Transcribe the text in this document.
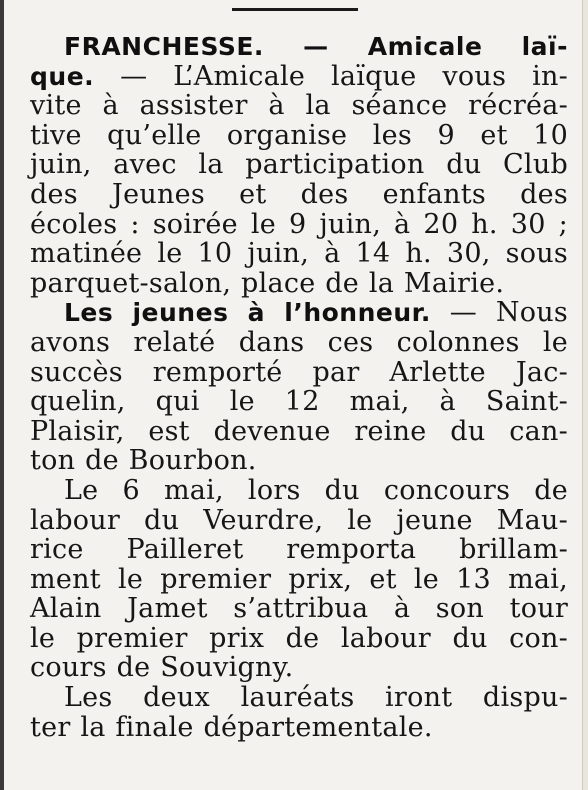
FRANCHESSE. — Amicale laï-
que. — L’Amicale laïque vous in-
vite à assister à la séance récréa-
tive qu’elle organise les 9 et 10
juin, avec la participation du Club
des Jeunes et des enfants des
écoles : soirée le 9 juin, à 20 h. 30 ;
matinée le 10 juin, à 14 h. 30, sous
parquet-salon, place de la Mairie.

Les jeunes à l’honneur. — Nous
avons relaté dans ces colonnes le
succès remporté par Arlette Jac-
quelin, qui le 12 mai, à Saint-
Plaisir, est devenue reine du can-
ton de Bourbon.

Le 6 mai, lors du concours de
labour du Veurdre, le jeune Mau-
rice Pailleret remporta brillam-
ment le premier prix, et le 13 mai,
Alain Jamet s’attribua à son tour
le premier prix de labour du con-
cours de Souvigny.

Les deux lauréats iront dispu-
ter la finale départementale.
